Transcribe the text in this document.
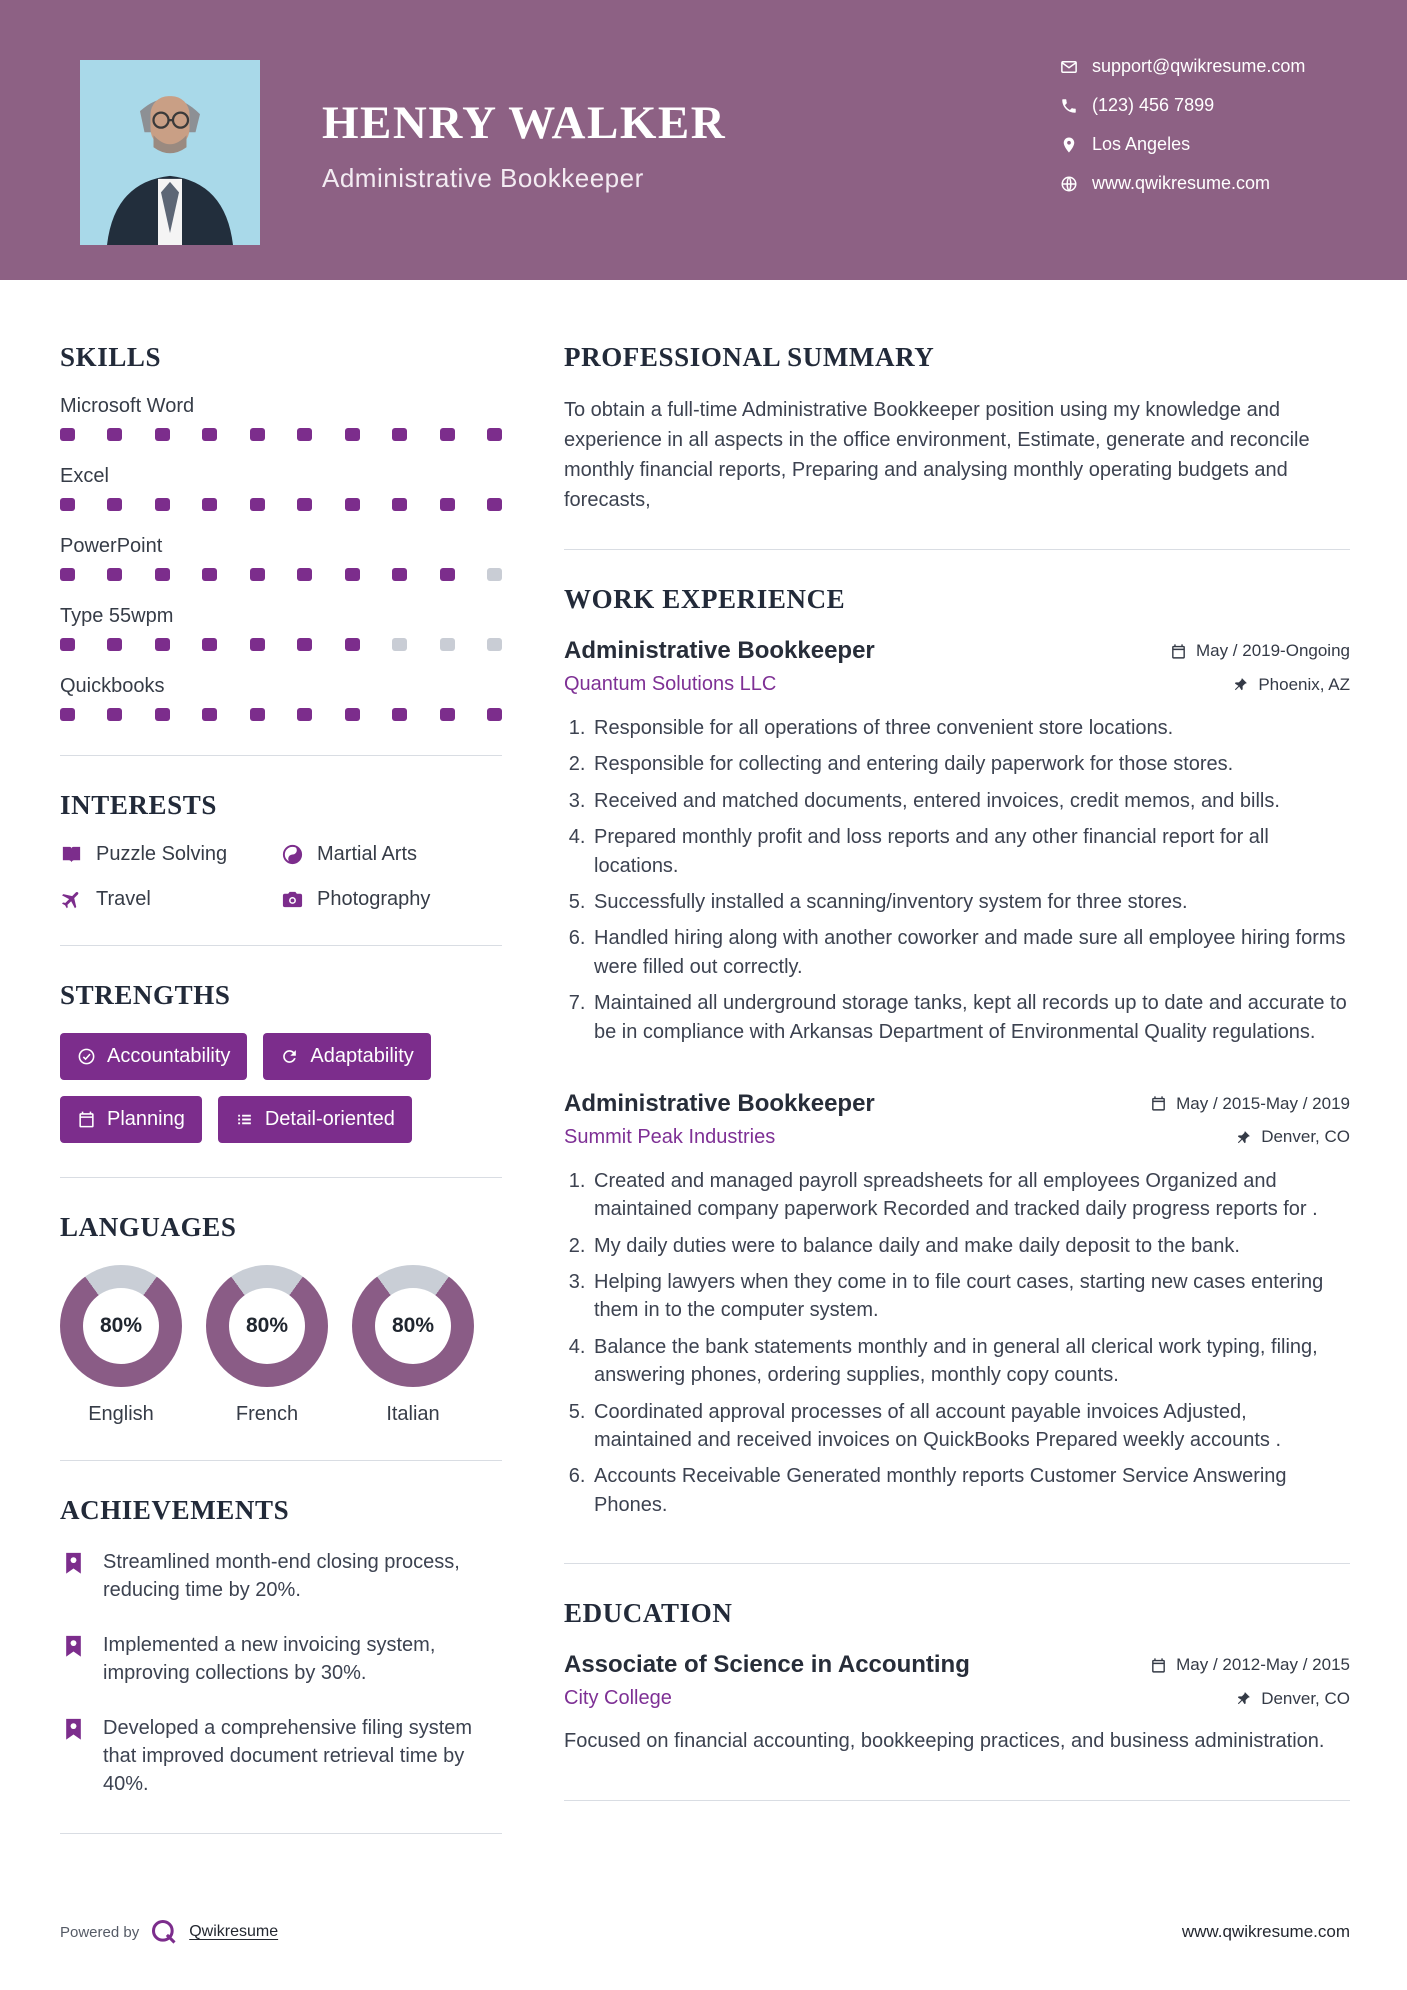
HENRY WALKER
Administrative Bookkeeper
support@qwikresume.com
(123) 456 7899
Los Angeles
www.qwikresume.com
SKILLS
Microsoft Word
Excel
PowerPoint
Type 55wpm
Quickbooks
INTERESTS
Puzzle Solving	Martial Arts
Travel	Photography
STRENGTHS
Accountability	Adaptability
Planning	Detail-oriented
LANGUAGES
80%
English
80%
French
80%
Italian
ACHIEVEMENTS
Streamlined month-end closing process, reducing time by 20%.
Implemented a new invoicing system, improving collections by 30%.
Developed a comprehensive filing system that improved document retrieval time by 40%.
PROFESSIONAL SUMMARY

To obtain a full-time Administrative Bookkeeper position using my knowledge and experience in all aspects in the office environment, Estimate, generate and reconcile monthly financial reports, Preparing and analysing monthly operating budgets and forecasts,

WORK EXPERIENCE
Administrative Bookkeeper	May / 2019-Ongoing
Quantum Solutions LLC	Phoenix, AZ
1. Responsible for all operations of three convenient store locations.
2. Responsible for collecting and entering daily paperwork for those stores.
3. Received and matched documents, entered invoices, credit memos, and bills.
4. Prepared monthly profit and loss reports and any other financial report for all locations.
5. Successfully installed a scanning/inventory system for three stores.
6. Handled hiring along with another coworker and made sure all employee hiring forms were filled out correctly.
7. Maintained all underground storage tanks, kept all records up to date and accurate to be in compliance with Arkansas Department of Environmental Quality regulations.
Administrative Bookkeeper	May / 2015-May / 2019
Summit Peak Industries	Denver, CO
1. Created and managed payroll spreadsheets for all employees Organized and maintained company paperwork Recorded and tracked daily progress reports for .
2. My daily duties were to balance daily and make daily deposit to the bank.
3. Helping lawyers when they come in to file court cases, starting new cases entering them in to the computer system.
4. Balance the bank statements monthly and in general all clerical work typing, filing, answering phones, ordering supplies, monthly copy counts.
5. Coordinated approval processes of all account payable invoices Adjusted, maintained and received invoices on QuickBooks Prepared weekly accounts .
6. Accounts Receivable Generated monthly reports Customer Service Answering Phones.
EDUCATION
Associate of Science in Accounting	May / 2012-May / 2015
City College	Denver, CO

Focused on financial accounting, bookkeeping practices, and business administration.

Powered by	Qwikresume	www.qwikresume.com
